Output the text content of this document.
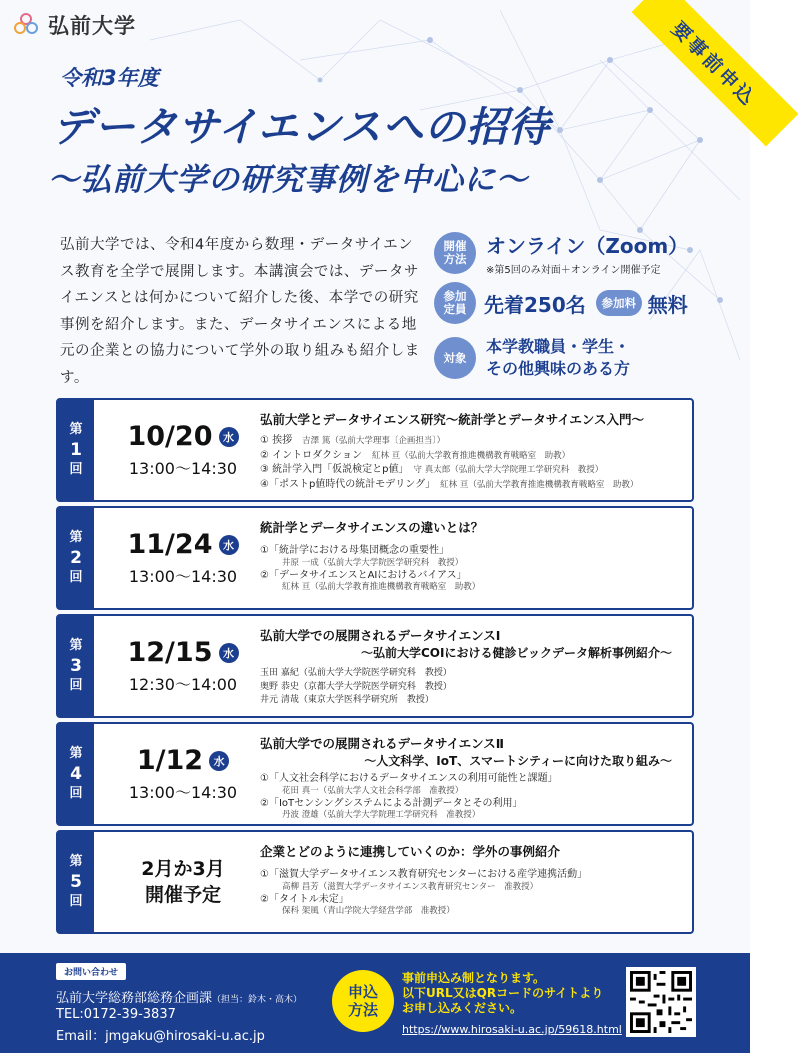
弘前大学	要事前申込
令和3年度
データサイエンスへの招待
〜弘前大学の研究事例を中心に〜
弘前大学では、令和4年度から数理・データサイエンス教育を全学で展開します。本講演会では、データサイエンスとは何かについて紹介した後、本学での研究事例を紹介します。また、データサイエンスによる地元の企業との協力について学外の取り組みも紹介します。
開催方法
オンライン（Zoom）
※第5回のみ対面＋オンライン開催予定
参加定員 先着250名	参加料 無料
対象
本学教職員・学生・
その他興味のある方
第
1
回
10/20 水
13:00〜14:30
弘前大学とデータサイエンス研究〜統計学とデータサイエンス入門〜
① 挨拶　 吉澤 篤（弘前大学理事〔企画担当〕）
② イントロダクション　 紅林 亘（弘前大学教育推進機構教育戦略室　助教）
③ 統計学入門「仮説検定とp値」　 守 真太郎（弘前大学大学院理工学研究科　教授）
④「ポストp値時代の統計モデリング」　 紅林 亘（弘前大学教育推進機構教育戦略室　助教）
第
2
回
11/24 水
13:00〜14:30
統計学とデータサイエンスの違いとは？
①「統計学における母集団概念の重要性」
井原 一成（弘前大学大学院医学研究科　教授）
②「データサイエンスとAIにおけるバイアス」
紅林 亘（弘前大学教育推進機構教育戦略室　助教）
第
3
回
12/15 水
12:30〜14:00
弘前大学での展開されるデータサイエンスⅠ
〜弘前大学COIにおける健診ビックデータ解析事例紹介〜
玉田 嘉紀（弘前大学大学院医学研究科　教授）
奥野 恭史（京都大学大学院医学研究科　教授）
井元 清哉（東京大学医科学研究所　教授）
第
4
回
1/12 水
13:00〜14:30
弘前大学での展開されるデータサイエンスⅡ
〜人文科学、IoT、スマートシティーに向けた取り組み〜
①「人文社会科学におけるデータサイエンスの利用可能性と課題」
花田 真一（弘前大学人文社会科学部　准教授）
②「IoTセンシングシステムによる計測データとその利用」
丹波 澄雄（弘前大学大学院理工学研究科　准教授）
第
5
回
2月か3月
開催予定
企業とどのように連携していくのか：学外の事例紹介
①「滋賀大学データサイエンス教育研究センターにおける産学連携活動」
高柳 昌芳（滋賀大学データサイエンス教育研究センター　准教授）
②「タイトル未定」
保科 架風（青山学院大学経営学部　准教授）
お問い合わせ
弘前大学総務部総務企画課（担当：鈴木・高木）
TEL:0172-39-3837
Email：jmgaku@hirosaki-u.ac.jp
申込方法
事前申込み制となります。
以下URL又はQRコードのサイトより
お申し込みください。
https://www.hirosaki-u.ac.jp/59618.html
